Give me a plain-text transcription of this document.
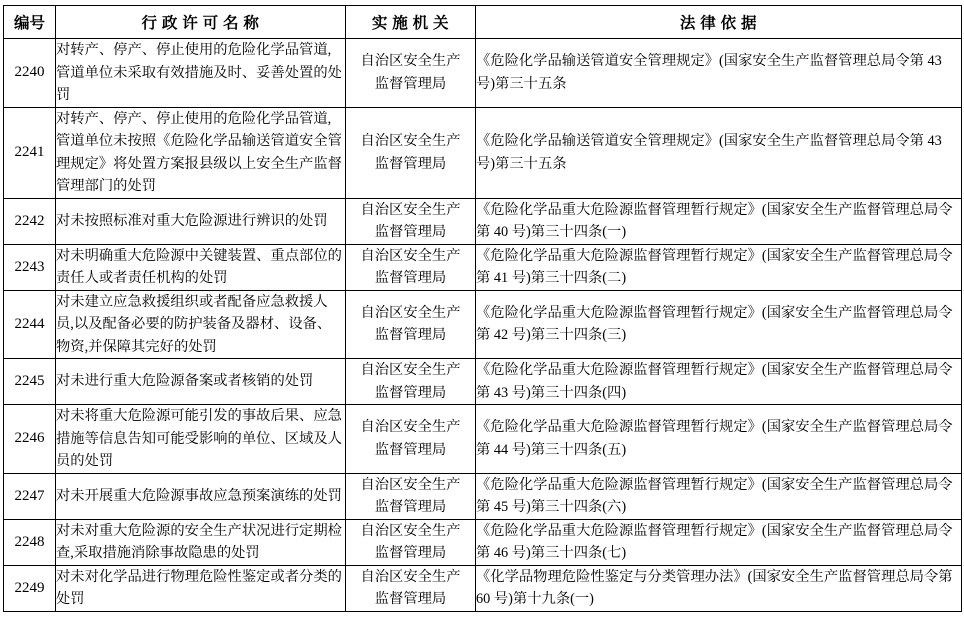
编号	行 政 许 可 名 称	实 施 机 关	法 律 依 据
2240	对转产、停产、停止使用的危险化学品管道,管道单位未采取有效措施及时、妥善处置的处罚	自治区安全生产
监督管理局	《危险化学品输送管道安全管理规定》(国家安全生产监督管理总局令第 43 号)第三十五条
2241	对转产、停产、停止使用的危险化学品管道,管道单位未按照《危险化学品输送管道安全管理规定》将处置方案报县级以上安全生产监督管理部门的处罚	自治区安全生产
监督管理局	《危险化学品输送管道安全管理规定》(国家安全生产监督管理总局令第 43 号)第三十五条
2242	对未按照标准对重大危险源进行辨识的处罚	自治区安全生产
监督管理局	《危险化学品重大危险源监督管理暂行规定》(国家安全生产监督管理总局令第 40 号)第三十四条(一)
2243	对未明确重大危险源中关键装置、重点部位的责任人或者责任机构的处罚	自治区安全生产
监督管理局	《危险化学品重大危险源监督管理暂行规定》(国家安全生产监督管理总局令第 41 号)第三十四条(二)
2244	对未建立应急救援组织或者配备应急救援人员,以及配备必要的防护装备及器材、设备、物资,并保障其完好的处罚	自治区安全生产
监督管理局	《危险化学品重大危险源监督管理暂行规定》(国家安全生产监督管理总局令第 42 号)第三十四条(三)
2245	对未进行重大危险源备案或者核销的处罚	自治区安全生产
监督管理局	《危险化学品重大危险源监督管理暂行规定》(国家安全生产监督管理总局令第 43 号)第三十四条(四)
2246	对未将重大危险源可能引发的事故后果、应急措施等信息告知可能受影响的单位、区域及人员的处罚	自治区安全生产
监督管理局	《危险化学品重大危险源监督管理暂行规定》(国家安全生产监督管理总局令第 44 号)第三十四条(五)
2247	对未开展重大危险源事故应急预案演练的处罚	自治区安全生产
监督管理局	《危险化学品重大危险源监督管理暂行规定》(国家安全生产监督管理总局令第 45 号)第三十四条(六)
2248	对未对重大危险源的安全生产状况进行定期检查,采取措施消除事故隐患的处罚	自治区安全生产
监督管理局	《危险化学品重大危险源监督管理暂行规定》(国家安全生产监督管理总局令第 46 号)第三十四条(七)
2249	对未对化学品进行物理危险性鉴定或者分类的处罚	自治区安全生产
监督管理局	《化学品物理危险性鉴定与分类管理办法》(国家安全生产监督管理总局令第 60 号)第十九条(一)
